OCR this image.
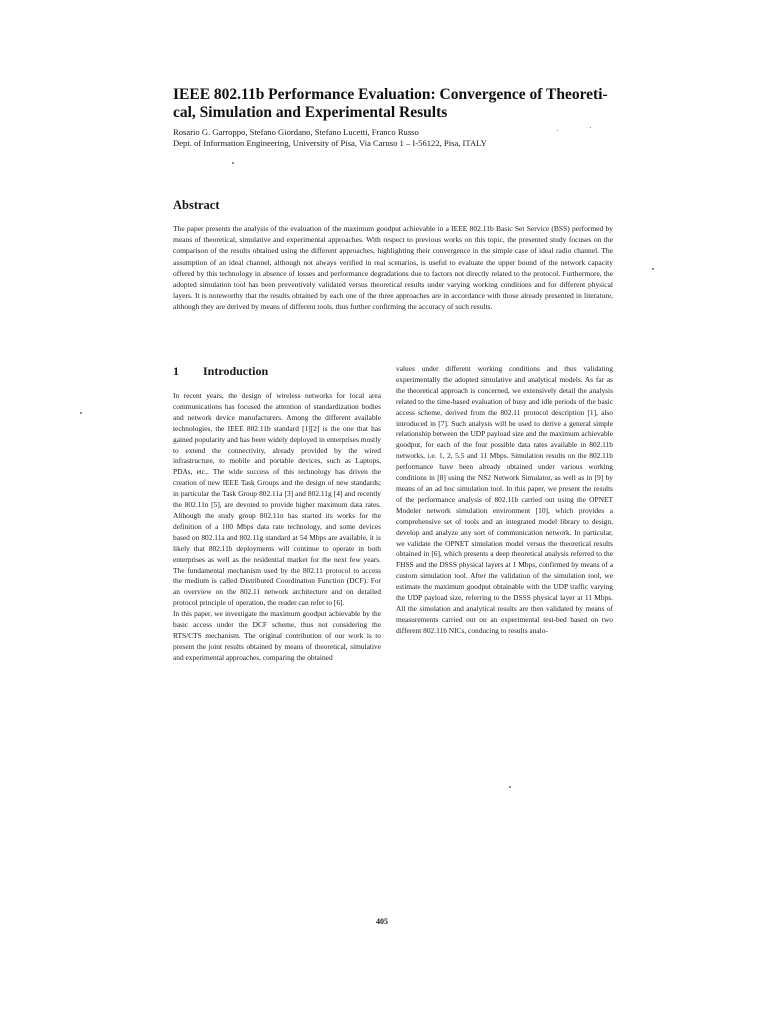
IEEE 802.11b Performance Evaluation: Convergence of Theoreti-cal, Simulation and Experimental Results

Rosario G. Garroppo, Stefano Giordano, Stefano Lucetti, Franco Russo

Dept. of Information Engineering, University of Pisa, Via Caruso 1 – I-56122, Pisa, ITALY

Abstract

The paper presents the analysis of the evaluation of the maximum goodput achievable in a IEEE 802.11b Basic Set Service (BSS) performed by means of theoretical, simulative and experimental approaches. With respect to previous works on this topic, the presented study focuses on the comparison of the results obtained using the different approaches, highlighting their convergence in the simple case of ideal radio channel. The assumption of an ideal channel, although not always verified in real scenarios, is useful to evaluate the upper bound of the network capacity offered by this technology in absence of losses and performance degradations due to factors not directly related to the protocol. Furthermore, the adopted simulation tool has been preventively validated versus theoretical results under varying working conditions and for different physical layers. It is noteworthy that the results obtained by each one of the three approaches are in accordance with those already presented in literature, although they are derived by means of different tools, thus further confirming the accuracy of such results.

1	Introduction

In recent years, the design of wireless networks for local area communications has focused the attention of standardization bodies and network device manufacturers. Among the different available technologies, the IEEE 802.11b standard [1][2] is the one that has gained popularity and has been widely deployed in enterprises mostly to extend the connectivity, already provided by the wired infrastructure, to mobile and portable devices, such as Laptops, PDAs, etc.. The wide success of this technology has driven the creation of new IEEE Task Groups and the design of new standards; in particular the Task Group 802.11a [3] and 802.11g [4] and recently the 802.11n [5], are devoted to provide higher maximum data rates. Although the study group 802.11n has started its works for the definition of a 100 Mbps data rate technology, and some devices based on 802.11a and 802.11g standard at 54 Mbps are available, it is likely that 802.11b deployments will continue to operate in both enterprises as well as the residential market for the next few years. The fundamental mechanism used by the 802.11 protocol to access the medium is called Distributed Coordination Function (DCF). For an overview on the 802.11 network architecture and on detailed protocol principle of operation, the reader can refer to [6].

In this paper, we investigate the maximum goodput achievable by the basic access under the DCF scheme, thus not considering the RTS/CTS mechanism. The original contribution of our work is to present the joint results obtained by means of theoretical, simulative and experimental approaches, comparing the obtained

values under different working conditions and thus validating experimentally the adopted simulative and analytical models. As far as the theoretical approach is concerned, we extensively detail the analysis related to the time-based evaluation of busy and idle periods of the basic access scheme, derived from the 802.11 protocol description [1], also introduced in [7]. Such analysis will be used to derive a general simple relationship between the UDP payload size and the maximum achievable goodput, for each of the four possible data rates available in 802.11b networks, i.e. 1, 2, 5.5 and 11 Mbps. Simulation results on the 802.11b performance have been already obtained under various working conditions in [8] using the NS2 Network Simulator, as well as in [9] by means of an ad hoc simulation tool. In this paper, we present the results of the performance analysis of 802.11b carried out using the OPNET Modeler network simulation environment [10], which provides a comprehensive set of tools and an integrated model library to design, develop and analyze any sort of communication network. In particular, we validate the OPNET simulation model versus the theoretical results obtained in [6], which presents a deep theoretical analysis referred to the FHSS and the DSSS physical layers at 1 Mbps, confirmed by means of a custom simulation tool. After the validation of the simulation tool, we estimate the maximum goodput obtainable with the UDP traffic varying the UDP payload size, referring to the DSSS physical layer at 11 Mbps. All the simulation and analytical results are then validated by means of measurements carried out on an experimental test-bed based on two different 802.11b NICs, conducing to results analo-

405
